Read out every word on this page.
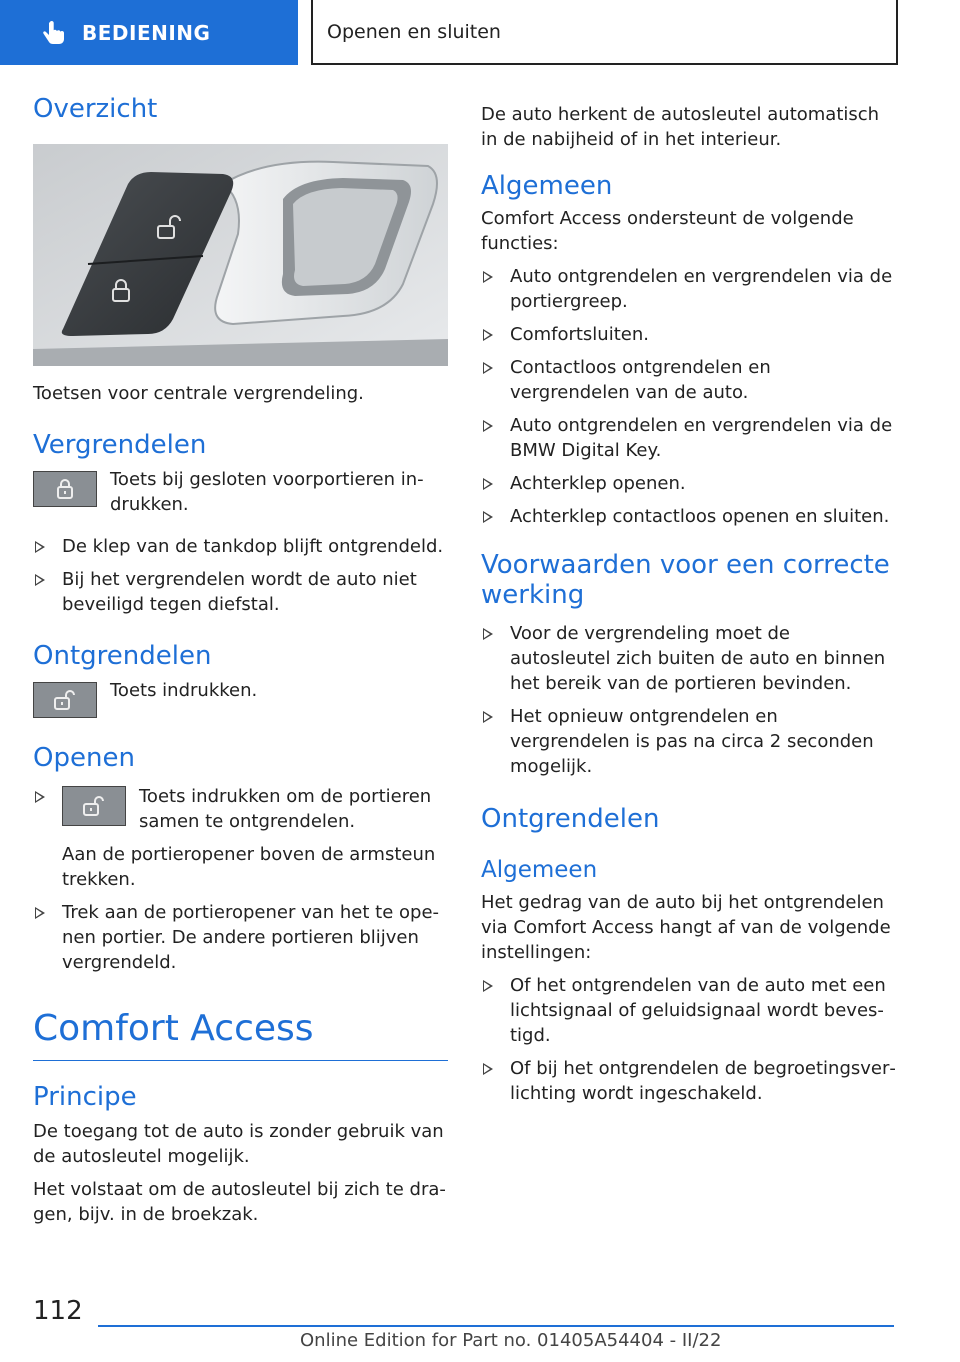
BEDIENING	Openen en sluiten
Overzicht

Toetsen voor centrale vergrendeling.

Vergrendelen

Toets bij gesloten voorportieren indrukken.

De klep van de tankdop blijft ontgrendeld.
Bij het vergrendelen wordt de auto niet beveiligd tegen diefstal.
Ontgrendelen

Toets indrukken.

Openen
Toets indrukken om de portieren samen te ontgrendelen.

Aan de portieropener boven de armsteun trekken.

Trek aan de portieropener van het te openen portier. De andere portieren blijven vergrendeld.
Comfort Access
Principe

De toegang tot de auto is zonder gebruik van de autosleutel mogelijk.

Het volstaat om de autosleutel bij zich te dragen, bijv. in de broekzak.

De auto herkent de autosleutel automatisch in de nabijheid of in het interieur.

Algemeen

Comfort Access ondersteunt de volgende functies:

Auto ontgrendelen en vergrendelen via de portiergreep.
Comfortsluiten.
Contactloos ontgrendelen en vergrendelen van de auto.
Auto ontgrendelen en vergrendelen via de BMW Digital Key.
Achterklep openen.
Achterklep contactloos openen en sluiten.
Voorwaarden voor een correcte werking
Voor de vergrendeling moet de autosleutel zich buiten de auto en binnen het bereik van de portieren bevinden.
Het opnieuw ontgrendelen en vergrendelen is pas na circa 2 seconden mogelijk.
Ontgrendelen
Algemeen

Het gedrag van de auto bij het ontgrendelen via Comfort Access hangt af van de volgende instellingen:

Of het ontgrendelen van de auto met een lichtsignaal of geluidsignaal wordt bevestigd.
Of bij het ontgrendelen de begroetingsverlichting wordt ingeschakeld.
112
Online Edition for Part no. 01405A54404 - II/22
